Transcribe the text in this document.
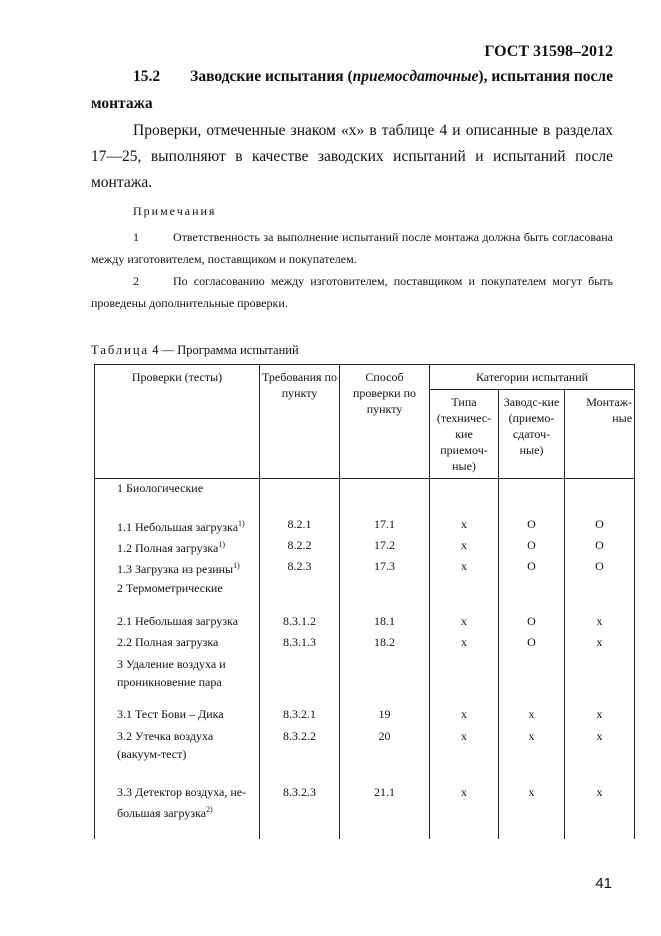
ГОСТ 31598–2012
15.2 Заводские испытания (приемосдаточные), испытания после
монтажа
Проверки, отмеченные знаком «х» в таблице 4 и описанные в разделах 17—25, выполняют в качестве заводских испытаний и испытаний после монтажа.
Примечания
1	Ответственность за выполнение испытаний после монтажа должна быть согласована между изготовителем, поставщиком и покупателем.
2	По согласованию между изготовителем, поставщиком и покупателем могут быть проведены дополнительные проверки.
Таблица 4 — Программа испытаний
Проверки (тесты)	Требования по пункту	Способ проверки по пункту	Категории испытаний		
			Типа (техничес-кие приемоч-ные)	Заводс-кие (приемо-сдаточ-ные)	Монтаж-ные
1 Биологические					
1.1 Небольшая загрузка$^{1)}$	8.2.1	17.1	х	О	О
1.2 Полная загрузка$^{1)}$	8.2.2	17.2	х	О	О
1.3 Загрузка из резины$^{1)}$	8.2.3	17.3	х	О	О
2 Термометрические					
2.1 Небольшая загрузка	8.3.1.2	18.1	х	О	х
2.2 Полная загрузка	8.3.1.3	18.2	х	О	х
3 Удаление воздуха и проникновение пара					
3.1 Тест Бови – Дика	8.3.2.1	19	х	х	х
3.2 Утечка воздуха (вакуум-тест)	8.3.2.2	20	х	х	х
3.3 Детектор воздуха, не-большая загрузка$^{2)}$	8.3.2.3	21.1	х	х	х
41
